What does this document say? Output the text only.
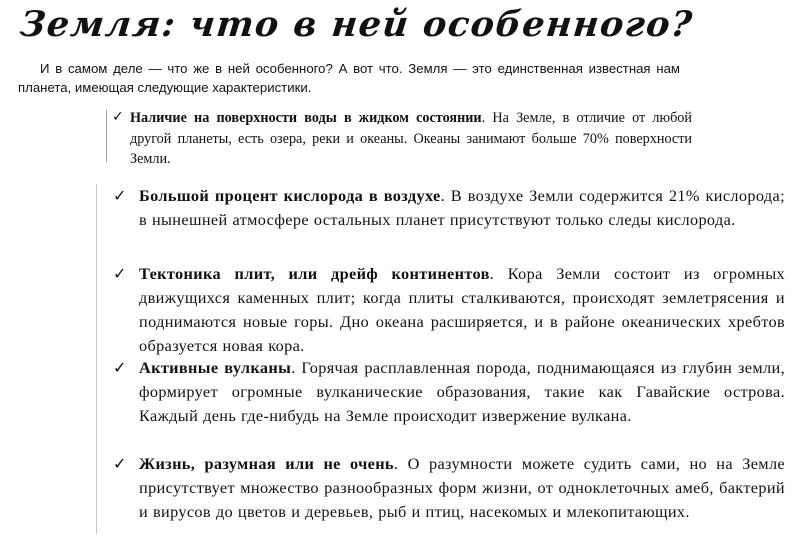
Земля: что в ней особенного?

И в самом деле — что же в ней особенного? А вот что. Земля — это единственная известная нам планета, имеющая следующие характеристики.

✓ Наличие на поверхности воды в жидком состоянии. На Земле, в отличие от любой другой планеты, есть озера, реки и океаны. Океаны занимают больше 70% поверхности Земли.

✓ Большой процент кислорода в воздухе. В воздухе Земли содержится 21% кислорода; в нынешней атмосфере остальных планет присутствуют только следы кислорода.

✓ Тектоника плит, или дрейф континентов. Кора Земли состоит из огромных движущихся каменных плит; когда плиты сталкиваются, происходят землетрясения и поднимаются новые горы. Дно океана расширяется, и в районе океанических хребтов образуется новая кора.

✓ Активные вулканы. Горячая расплавленная порода, поднимающаяся из глубин земли, формирует огромные вулканические образования, такие как Гавайские острова. Каждый день где-нибудь на Земле происходит извержение вулкана.

✓ Жизнь, разумная или не очень. О разумности можете судить сами, но на Земле присутствует множество разнообразных форм жизни, от одноклеточных амеб, бактерий и вирусов до цветов и деревьев, рыб и птиц, насекомых и млекопитающих.
